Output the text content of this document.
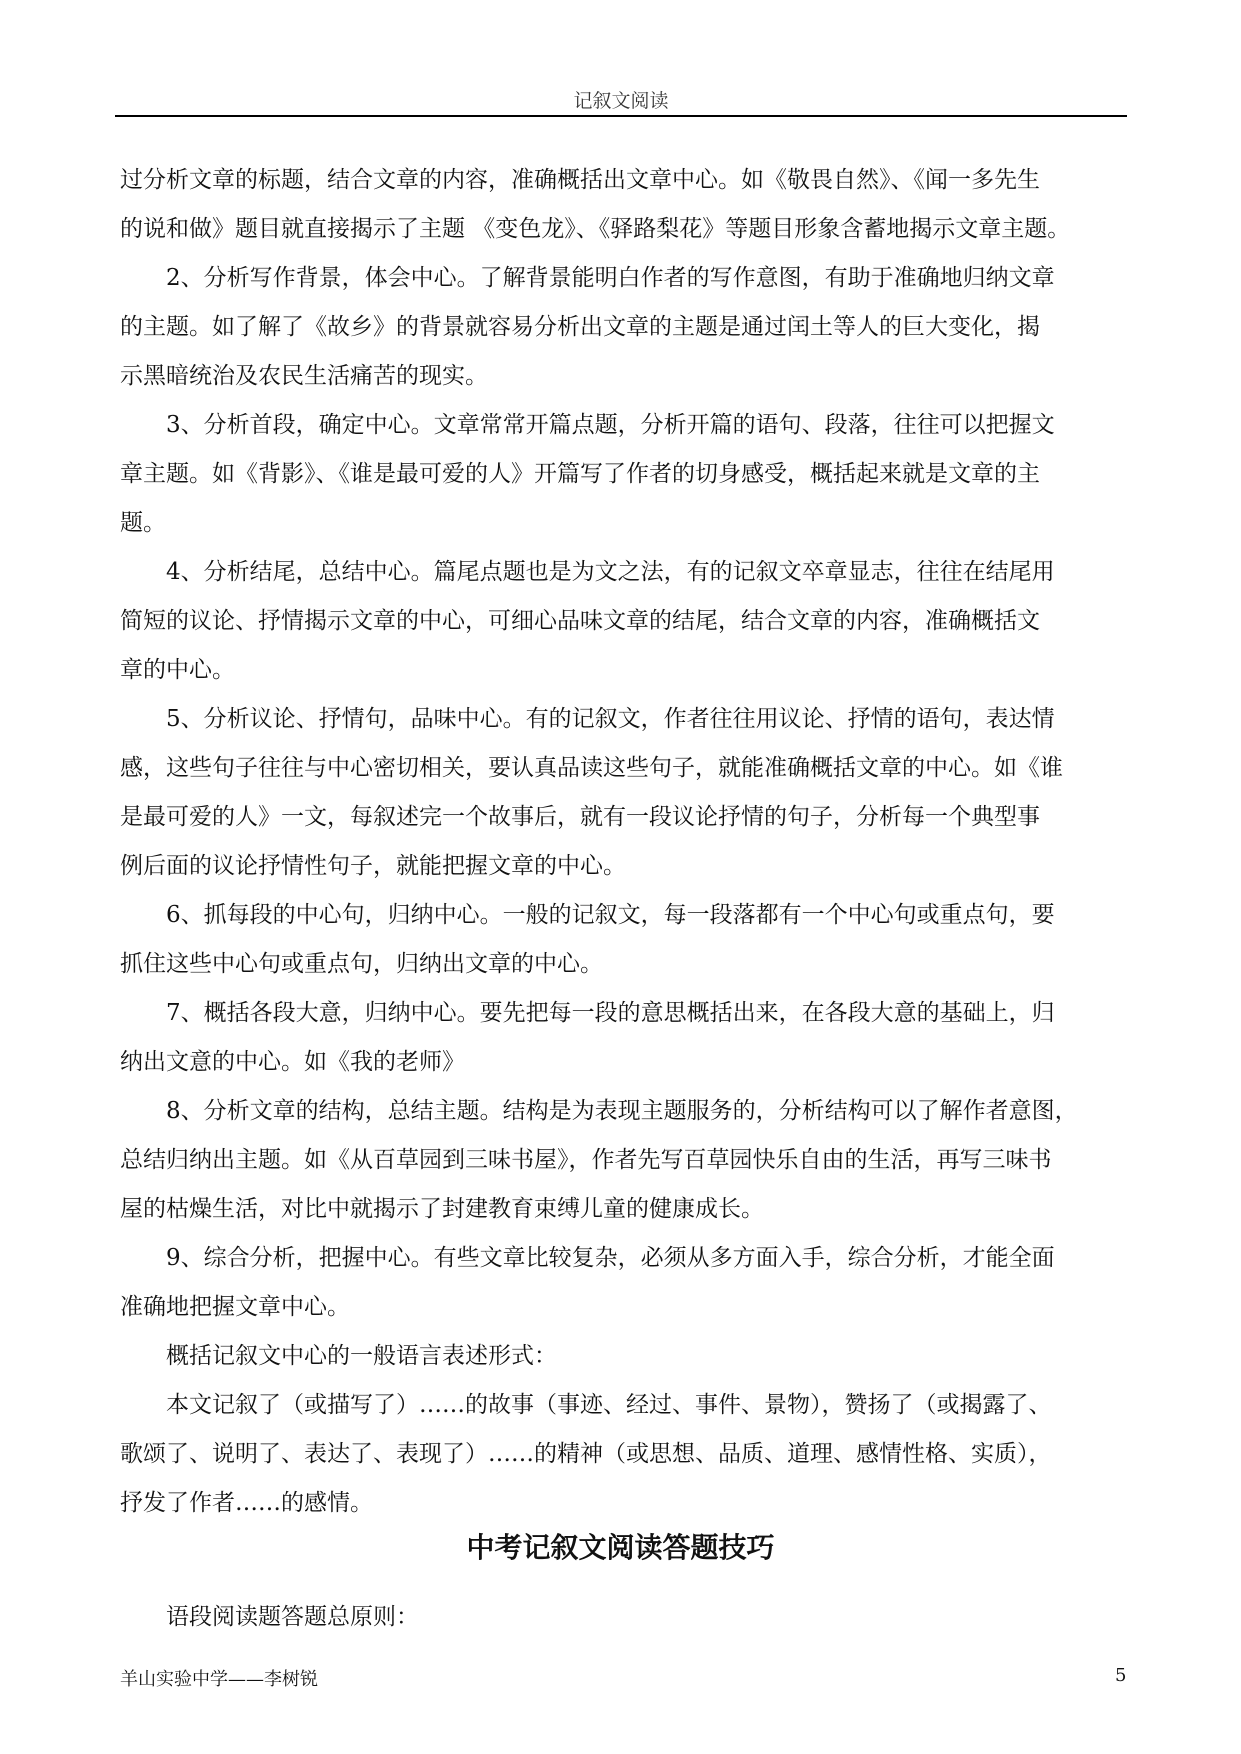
记叙文阅读
过分析文章的标题，结合文章的内容，准确概括出文章中心。如《敬畏自然》、《闻一多先生
的说和做》题目就直接揭示了主题 《变色龙》、《驿路梨花》等题目形象含蓄地揭示文章主题。
2、分析写作背景，体会中心。了解背景能明白作者的写作意图，有助于准确地归纳文章
的主题。如了解了《故乡》的背景就容易分析出文章的主题是通过闰土等人的巨大变化，揭
示黑暗统治及农民生活痛苦的现实。
3、分析首段，确定中心。文章常常开篇点题，分析开篇的语句、段落，往往可以把握文
章主题。如《背影》、《谁是最可爱的人》开篇写了作者的切身感受，概括起来就是文章的主
题。
4、分析结尾，总结中心。篇尾点题也是为文之法，有的记叙文卒章显志，往往在结尾用
简短的议论、抒情揭示文章的中心，可细心品味文章的结尾，结合文章的内容，准确概括文
章的中心。
5、分析议论、抒情句，品味中心。有的记叙文，作者往往用议论、抒情的语句，表达情
感，这些句子往往与中心密切相关，要认真品读这些句子，就能准确概括文章的中心。如《谁
是最可爱的人》一文，每叙述完一个故事后，就有一段议论抒情的句子，分析每一个典型事
例后面的议论抒情性句子，就能把握文章的中心。
6、抓每段的中心句，归纳中心。一般的记叙文，每一段落都有一个中心句或重点句，要
抓住这些中心句或重点句，归纳出文章的中心。
7、概括各段大意，归纳中心。要先把每一段的意思概括出来，在各段大意的基础上，归
纳出文意的中心。如《我的老师》
8、分析文章的结构，总结主题。结构是为表现主题服务的，分析结构可以了解作者意图，
总结归纳出主题。如《从百草园到三味书屋》，作者先写百草园快乐自由的生活，再写三味书
屋的枯燥生活，对比中就揭示了封建教育束缚儿童的健康成长。
9、综合分析，把握中心。有些文章比较复杂，必须从多方面入手，综合分析，才能全面
准确地把握文章中心。
概括记叙文中心的一般语言表述形式：
本文记叙了（或描写了）……的故事（事迹、经过、事件、景物），赞扬了（或揭露了、
歌颂了、说明了、表达了、表现了）……的精神（或思想、品质、道理、感情性格、实质），
抒发了作者……的感情。
中考记叙文阅读答题技巧
语段阅读题答题总原则：
羊山实验中学——李树锐	5
